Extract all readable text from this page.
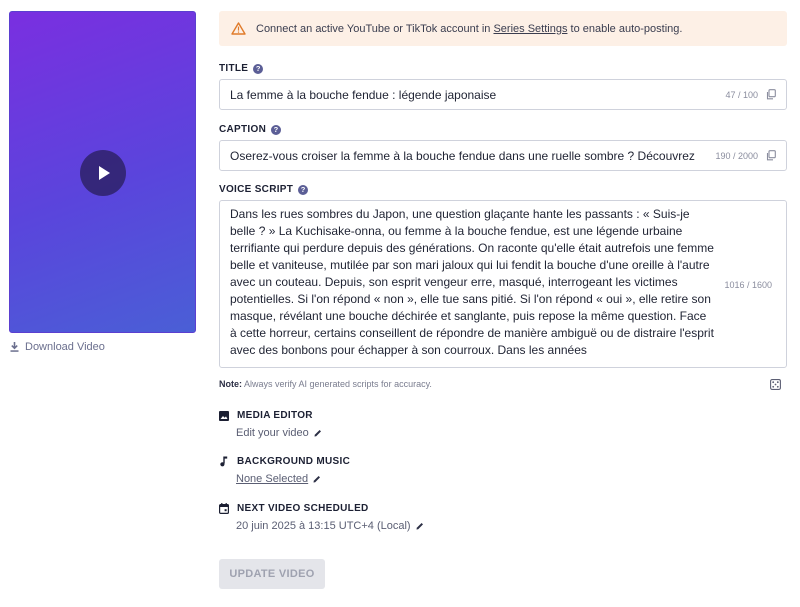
Download Video
Connect an active YouTube or TikTok account in Series Settings to enable auto-posting.
TITLE	?
La femme à la bouche fendue : légende japonaise	47 / 100
CAPTION	?
Oserez-vous croiser la femme à la bouche fendue dans une ruelle sombre ? Découvrez	190 / 2000
VOICE SCRIPT	?
Dans les rues sombres du Japon, une question glaçante hante les passants : « Suis-je belle ? » La Kuchisake-onna, ou femme à la bouche fendue, est une légende urbaine terrifiante qui perdure depuis des générations. On raconte qu'elle était autrefois une femme belle et vaniteuse, mutilée par son mari jaloux qui lui fendit la bouche d'une oreille à l'autre avec un couteau. Depuis, son esprit vengeur erre, masqué, interrogeant les victimes potentielles. Si l'on répond « non », elle tue sans pitié. Si l'on répond « oui », elle retire son masque, révélant une bouche déchirée et sanglante, puis repose la même question. Face à cette horreur, certains conseillent de répondre de manière ambiguë ou de distraire l'esprit avec des bonbons pour échapper à son courroux. Dans les années
1016 / 1600
Note: Always verify AI generated scripts for accuracy.
MEDIA EDITOR
Edit your video
BACKGROUND MUSIC
None Selected
NEXT VIDEO SCHEDULED
20 juin 2025 à 13:15 UTC+4 (Local)
UPDATE VIDEO
